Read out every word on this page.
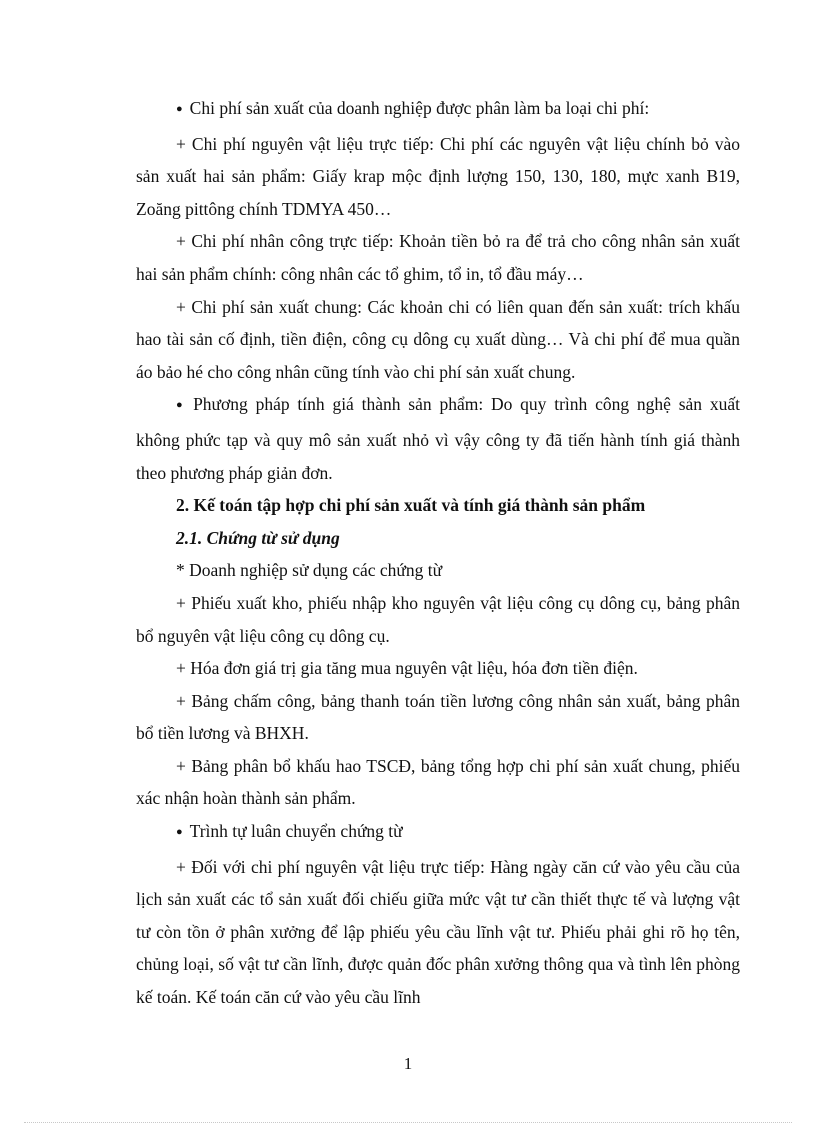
● Chi phí sản xuất của doanh nghiệp được phân làm ba loại chi phí:

+ Chi phí nguyên vật liệu trực tiếp: Chi phí các nguyên vật liệu chính bỏ vào sản xuất hai sản phẩm: Giấy krap mộc định lượng 150, 130, 180, mực xanh B19, Zoăng pittông chính TDMYA 450…

+ Chi phí nhân công trực tiếp: Khoản tiền bỏ ra để trả cho công nhân sản xuất hai sản phẩm chính: công nhân các tổ ghim, tổ in, tổ đầu máy…

+ Chi phí sản xuất chung: Các khoản chi có liên quan đến sản xuất: trích khấu hao tài sản cố định, tiền điện, công cụ dông cụ xuất dùng… Và chi phí để mua quần áo bảo hé cho công nhân cũng tính vào chi phí sản xuất chung.

● Phương pháp tính giá thành sản phẩm: Do quy trình công nghệ sản xuất không phức tạp và quy mô sản xuất nhỏ vì vậy công ty đã tiến hành tính giá thành theo phương pháp giản đơn.

2. Kế toán tập hợp chi phí sản xuất và tính giá thành sản phẩm

2.1. Chứng từ sử dụng

* Doanh nghiệp sử dụng các chứng từ

+ Phiếu xuất kho, phiếu nhập kho nguyên vật liệu công cụ dông cụ, bảng phân bổ nguyên vật liệu công cụ dông cụ.

+ Hóa đơn giá trị gia tăng mua nguyên vật liệu, hóa đơn tiền điện.

+ Bảng chấm công, bảng thanh toán tiền lương công nhân sản xuất, bảng phân bổ tiền lương và BHXH.

+ Bảng phân bổ khấu hao TSCĐ, bảng tổng hợp chi phí sản xuất chung, phiếu xác nhận hoàn thành sản phẩm.

● Trình tự luân chuyển chứng từ

+ Đối với chi phí nguyên vật liệu trực tiếp: Hàng ngày căn cứ vào yêu cầu của lịch sản xuất các tổ sản xuất đối chiếu giữa mức vật tư cần thiết thực tế và lượng vật tư còn tồn ở phân xưởng để lập phiếu yêu cầu lĩnh vật tư. Phiếu phải ghi rõ họ tên, chủng loại, số vật tư cần lĩnh, được quản đốc phân xưởng thông qua và tình lên phòng kế toán. Kế toán căn cứ vào yêu cầu lĩnh

1
